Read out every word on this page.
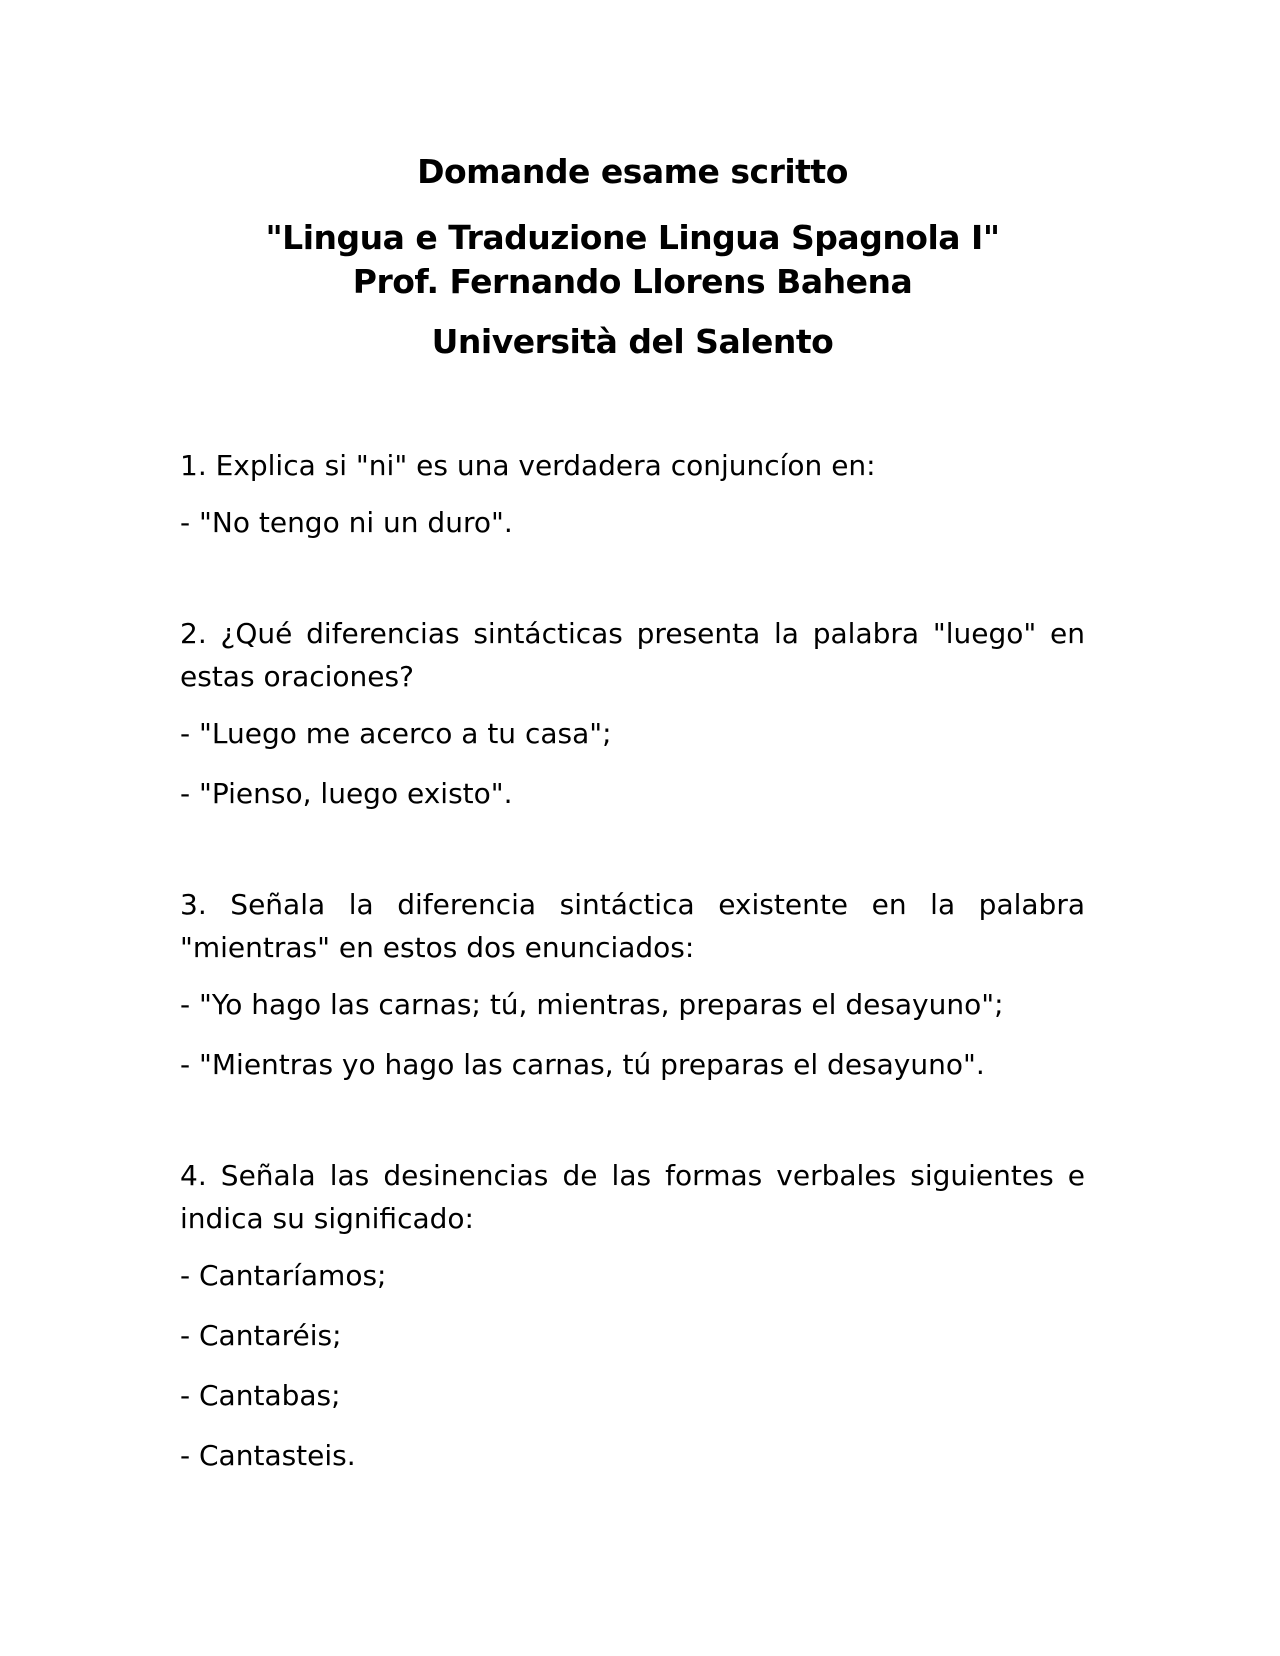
Domande esame scritto
"Lingua e Traduzione Lingua Spagnola I"
Prof. Fernando Llorens Bahena
Università del Salento

1. Explica si "ni" es una verdadera conjuncíon en:

- "No tengo ni un duro".

2. ¿Qué diferencias sintácticas presenta la palabra "luego" en estas oraciones?

- "Luego me acerco a tu casa";

- "Pienso, luego existo".

3. Señala la diferencia sintáctica existente en la palabra "mientras" en estos dos enunciados:

- "Yo hago las carnas; tú, mientras, preparas el desayuno";

- "Mientras yo hago las carnas, tú preparas el desayuno".

4. Señala las desinencias de las formas verbales siguientes e indica su significado:

- Cantaríamos;

- Cantaréis;

- Cantabas;

- Cantasteis.
